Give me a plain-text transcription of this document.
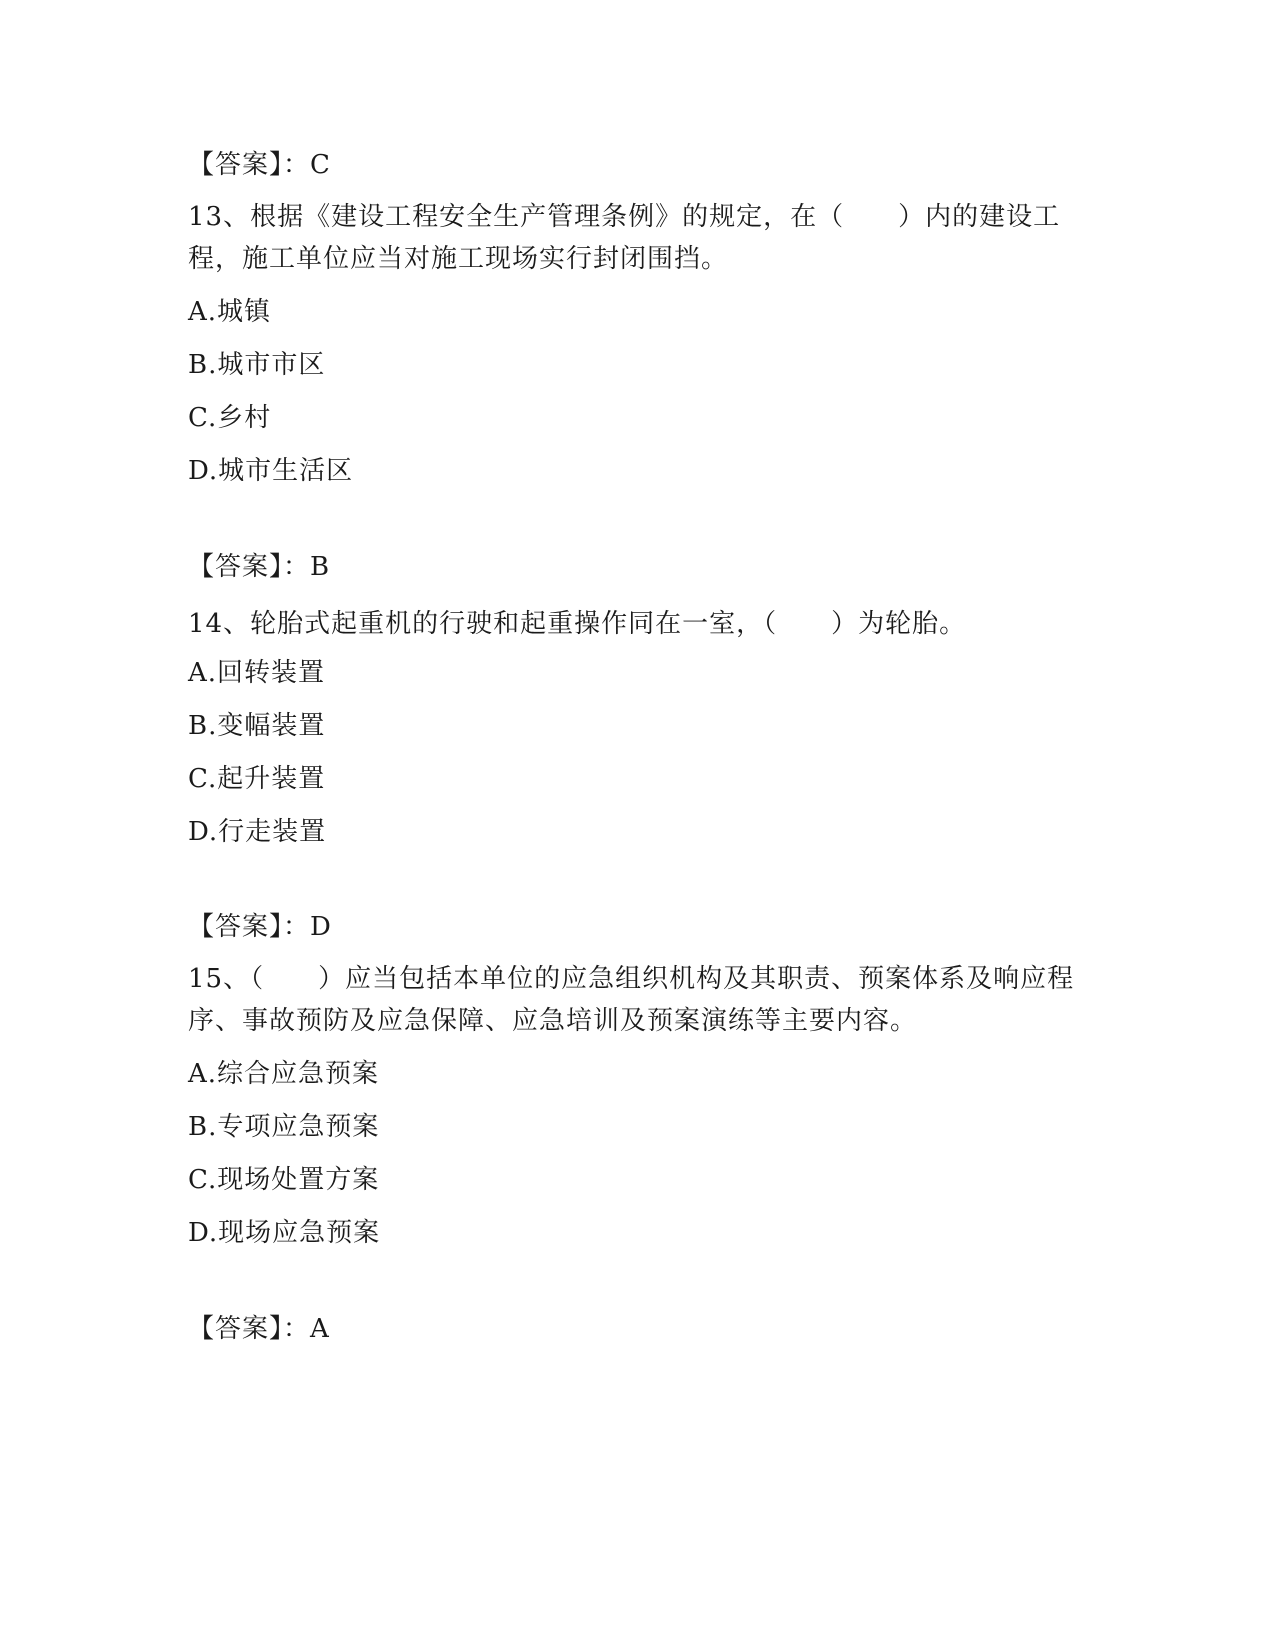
【答案】：C
13、根据《建设工程安全生产管理条例》的规定，在（　　）内的建设工程，施工单位应当对施工现场实行封闭围挡。
A.城镇
B.城市市区
C.乡村
D.城市生活区
【答案】：B
14、轮胎式起重机的行驶和起重操作同在一室，（　　）为轮胎。
A.回转装置
B.变幅装置
C.起升装置
D.行走装置
【答案】：D
15、（　　）应当包括本单位的应急组织机构及其职责、预案体系及响应程序、事故预防及应急保障、应急培训及预案演练等主要内容。
A.综合应急预案
B.专项应急预案
C.现场处置方案
D.现场应急预案
【答案】：A
